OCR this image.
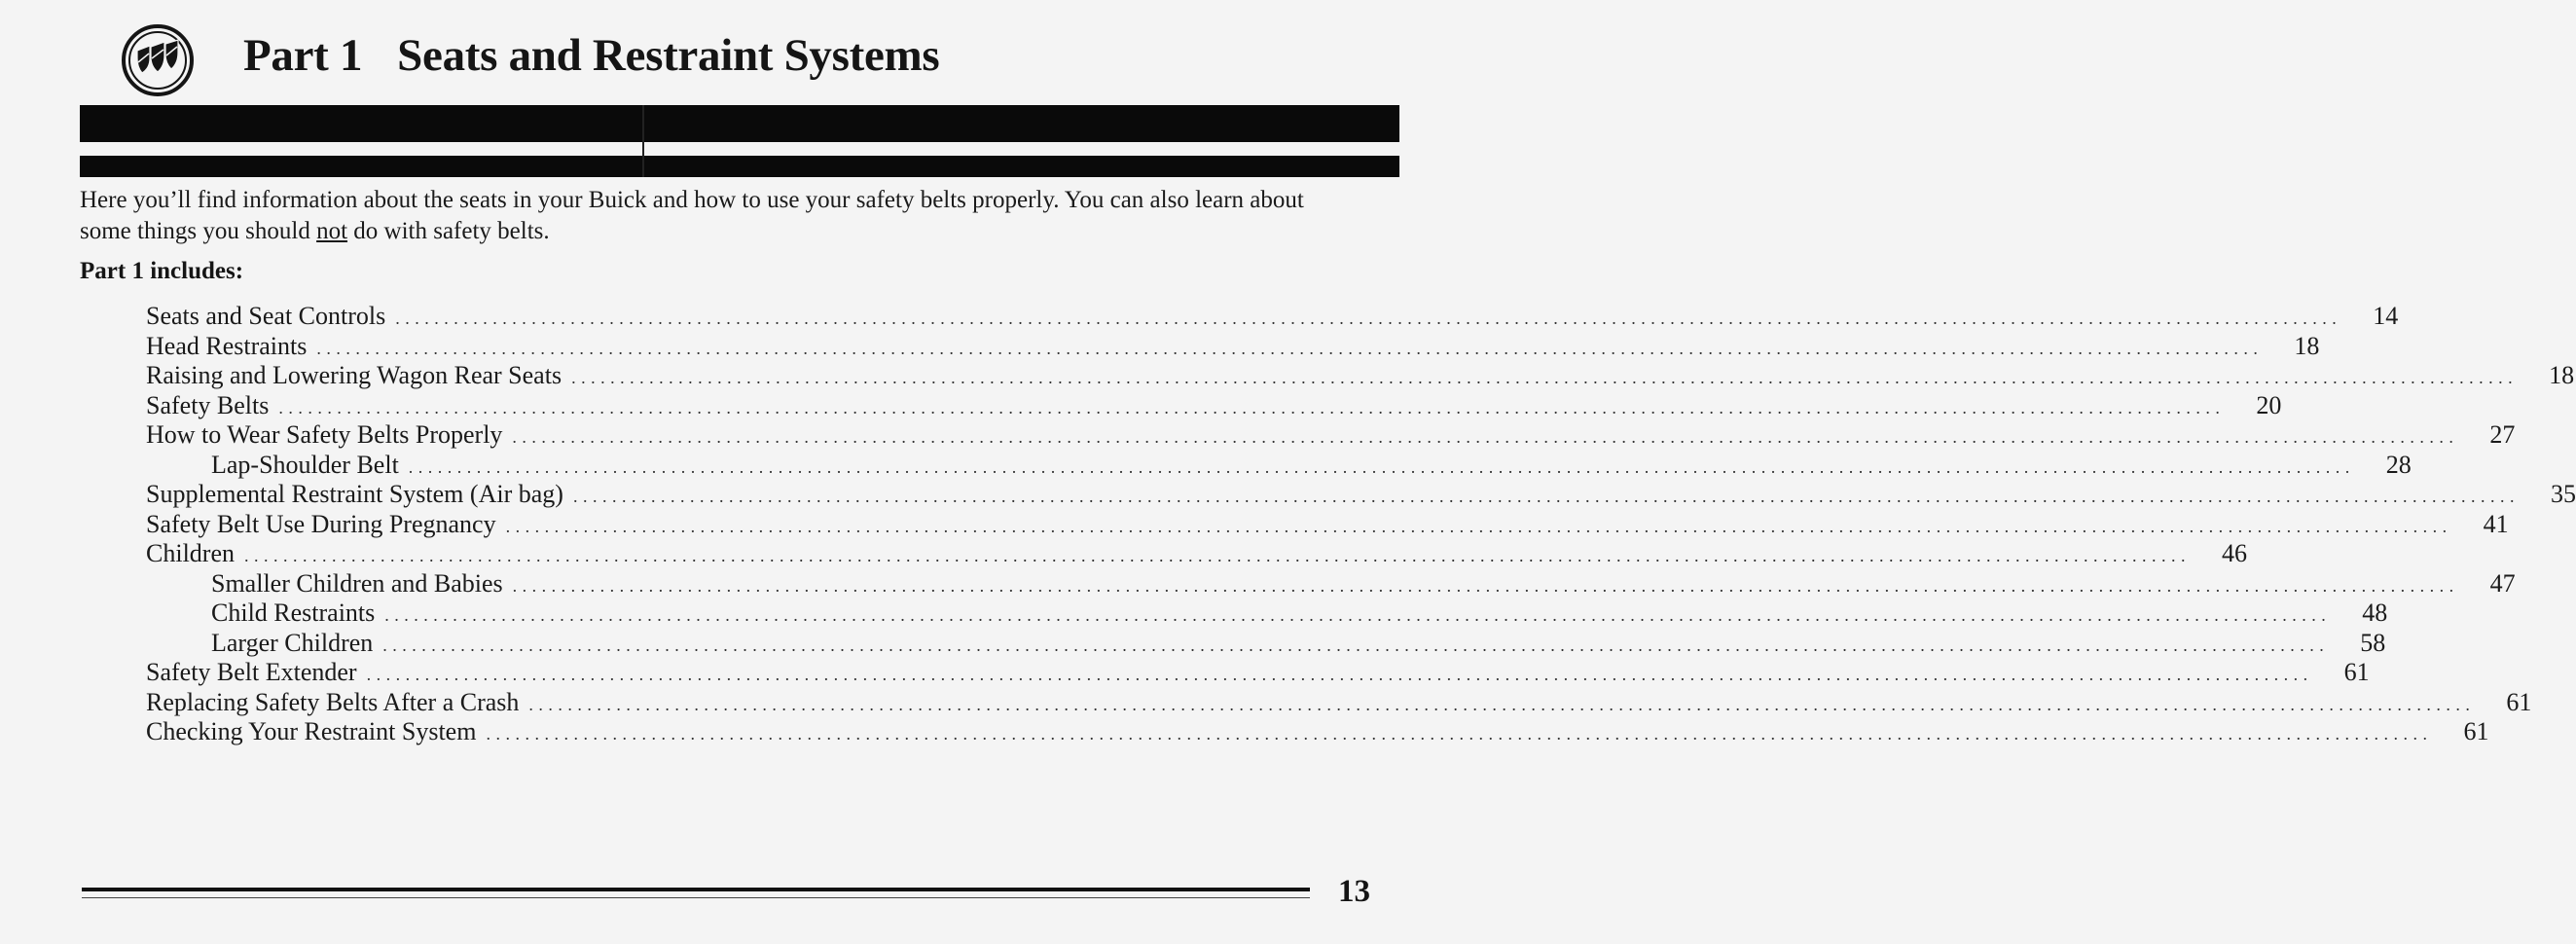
Part 1 Seats and Restraint Systems

Here you’ll find information about the seats in your Buick and how to use your safety belts properly. You can also learn about some things you should not do with safety belts.

Part 1 includes:
Seats and Seat Controls ........................................................................................................................................................................................................ 14
Head Restraints ........................................................................................................................................................................................................ 18
Raising and Lowering Wagon Rear Seats ........................................................................................................................................................................................................ 18
Safety Belts ........................................................................................................................................................................................................ 20
How to Wear Safety Belts Properly ........................................................................................................................................................................................................ 27
Lap-Shoulder Belt ........................................................................................................................................................................................................ 28
Supplemental Restraint System (Air bag) ........................................................................................................................................................................................................ 35
Safety Belt Use During Pregnancy ........................................................................................................................................................................................................ 41
Children ........................................................................................................................................................................................................ 46
Smaller Children and Babies ........................................................................................................................................................................................................ 47
Child Restraints ........................................................................................................................................................................................................ 48
Larger Children ........................................................................................................................................................................................................ 58
Safety Belt Extender ........................................................................................................................................................................................................ 61
Replacing Safety Belts After a Crash ........................................................................................................................................................................................................ 61
Checking Your Restraint System ........................................................................................................................................................................................................ 61
13
